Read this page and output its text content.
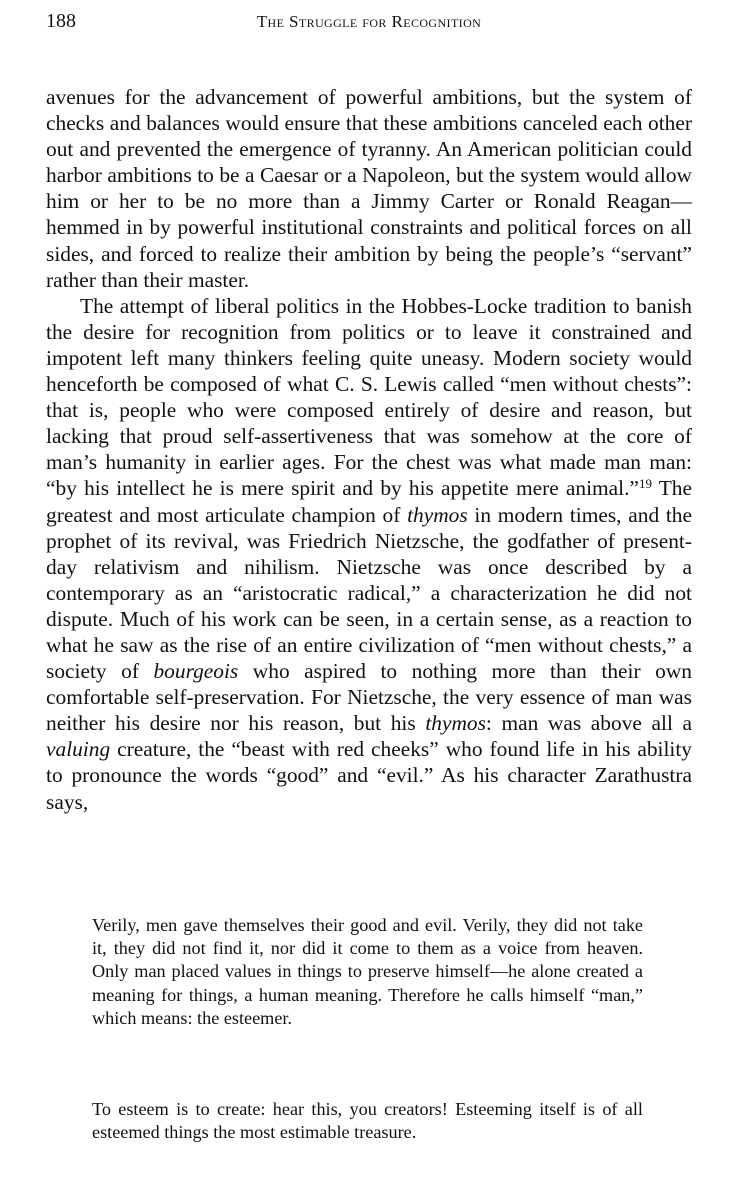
188	The Struggle for Recognition

avenues for the advancement of powerful ambitions, but the system of checks and balances would ensure that these ambitions canceled each other out and prevented the emergence of tyranny. An American politician could harbor ambitions to be a Caesar or a Napoleon, but the system would allow him or her to be no more than a Jimmy Carter or Ronald Reagan—hemmed in by powerful institutional constraints and political forces on all sides, and forced to realize their ambition by being the people’s “servant” rather than their master.

The attempt of liberal politics in the Hobbes-Locke tradition to banish the desire for recognition from politics or to leave it constrained and impotent left many thinkers feeling quite uneasy. Modern society would henceforth be composed of what C. S. Lewis called “men without chests”: that is, people who were composed entirely of desire and reason, but lacking that proud self-assertiveness that was somehow at the core of man’s humanity in earlier ages. For the chest was what made man man: “by his intellect he is mere spirit and by his appetite mere animal.”$^{19}$ The greatest and most articulate champion of thymos in modern times, and the prophet of its revival, was Friedrich Nietzsche, the godfather of present-day relativism and nihilism. Nietzsche was once described by a contemporary as an “aristocratic radical,” a characterization he did not dispute. Much of his work can be seen, in a certain sense, as a reaction to what he saw as the rise of an entire civilization of “men without chests,” a society of bourgeois who aspired to nothing more than their own comfortable self-preservation. For Nietzsche, the very essence of man was neither his desire nor his reason, but his thymos: man was above all a valuing creature, the “beast with red cheeks” who found life in his ability to pronounce the words “good” and “evil.” As his character Zarathustra says,

Verily, men gave themselves their good and evil. Verily, they did not take it, they did not find it, nor did it come to them as a voice from heaven. Only man placed values in things to preserve himself—he alone created a meaning for things, a human meaning. Therefore he calls himself “man,” which means: the esteemer.

To esteem is to create: hear this, you creators! Esteeming itself is of all esteemed things the most estimable treasure.
